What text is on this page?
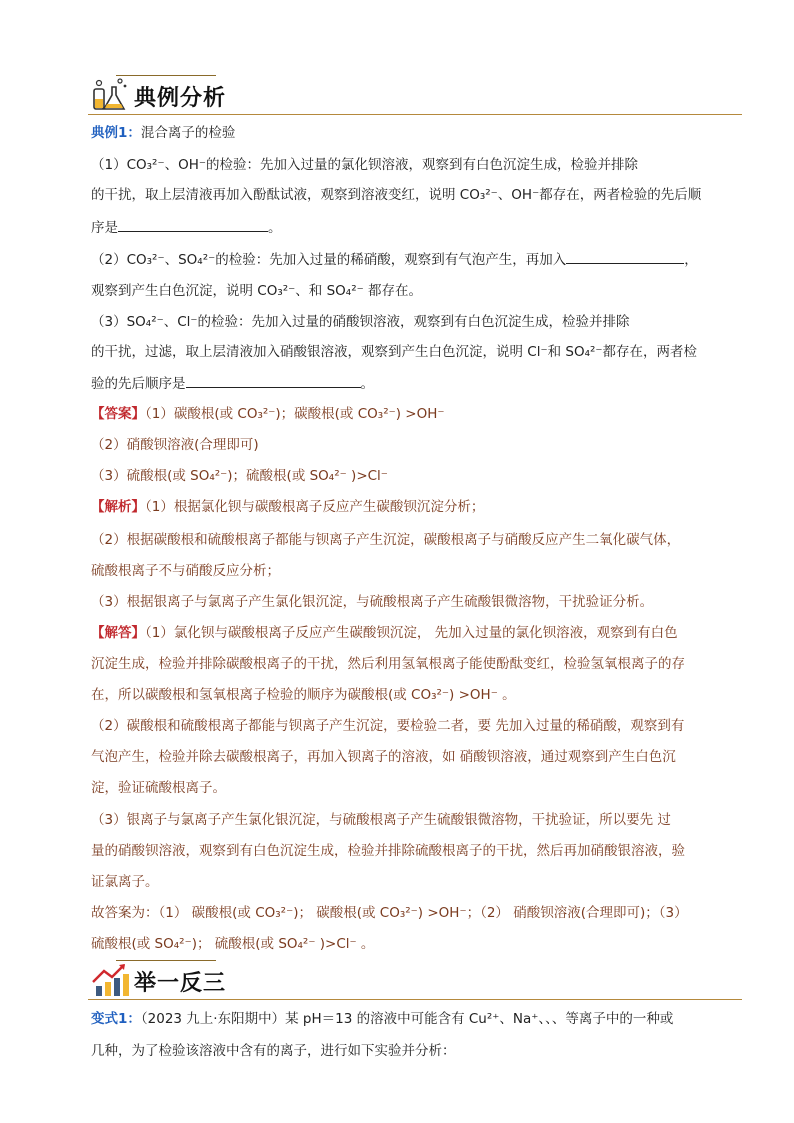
典例分析
典例1：混合离子的检验
（1）CO₃²⁻、OH⁻的检验：先加入过量的氯化钡溶液，观察到有白色沉淀生成，检验并排除
的干扰，取上层清液再加入酚酞试液，观察到溶液变红，说明 CO₃²⁻、OH⁻都存在，两者检验的先后顺
序是	。
（2）CO₃²⁻、SO₄²⁻的检验：先加入过量的稀硝酸，观察到有气泡产生，再加入	，
观察到产生白色沉淀，说明 CO₃²⁻、和 SO₄²⁻ 都存在。
（3）SO₄²⁻、Cl⁻的检验：先加入过量的硝酸钡溶液，观察到有白色沉淀生成，检验并排除
的干扰，过滤，取上层清液加入硝酸银溶液，观察到产生白色沉淀，说明 Cl⁻和 SO₄²⁻都存在，两者检
验的先后顺序是	。
【答案】（1）碳酸根(或 CO₃²⁻)；碳酸根(或 CO₃²⁻) >OH⁻
（2）硝酸钡溶液(合理即可)
（3）硫酸根(或 SO₄²⁻)；硫酸根(或 SO₄²⁻ )>Cl⁻
【解析】（1）根据氯化钡与碳酸根离子反应产生碳酸钡沉淀分析；
（2）根据碳酸根和硫酸根离子都能与钡离子产生沉淀，碳酸根离子与硝酸反应产生二氧化碳气体，
硫酸根离子不与硝酸反应分析；
（3）根据银离子与氯离子产生氯化银沉淀，与硫酸根离子产生硫酸银微溶物，干扰验证分析。
【解答】（1）氯化钡与碳酸根离子反应产生碳酸钡沉淀， 先加入过量的氯化钡溶液，观察到有白色
沉淀生成，检验并排除碳酸根离子的干扰，然后利用氢氧根离子能使酚酞变红，检验氢氧根离子的存
在，所以碳酸根和氢氧根离子检验的顺序为碳酸根(或 CO₃²⁻) >OH⁻ 。
（2）碳酸根和硫酸根离子都能与钡离子产生沉淀，要检验二者，要 先加入过量的稀硝酸，观察到有
气泡产生，检验并除去碳酸根离子，再加入钡离子的溶液，如 硝酸钡溶液，通过观察到产生白色沉
淀，验证硫酸根离子。
（3）银离子与氯离子产生氯化银沉淀，与硫酸根离子产生硫酸银微溶物，干扰验证，所以要先 过
量的硝酸钡溶液，观察到有白色沉淀生成，检验并排除硫酸根离子的干扰，然后再加硝酸银溶液，验
证氯离子。
故答案为：（1） 碳酸根(或 CO₃²⁻)； 碳酸根(或 CO₃²⁻) >OH⁻；（2） 硝酸钡溶液(合理即可)；（3）
硫酸根(或 SO₄²⁻)； 硫酸根(或 SO₄²⁻ )>Cl⁻ 。
举一反三
变式1：（2023 九上·东阳期中）某 pH＝13 的溶液中可能含有 Cu²⁺、Na⁺、、、等离子中的一种或
几种，为了检验该溶液中含有的离子，进行如下实验并分析：
